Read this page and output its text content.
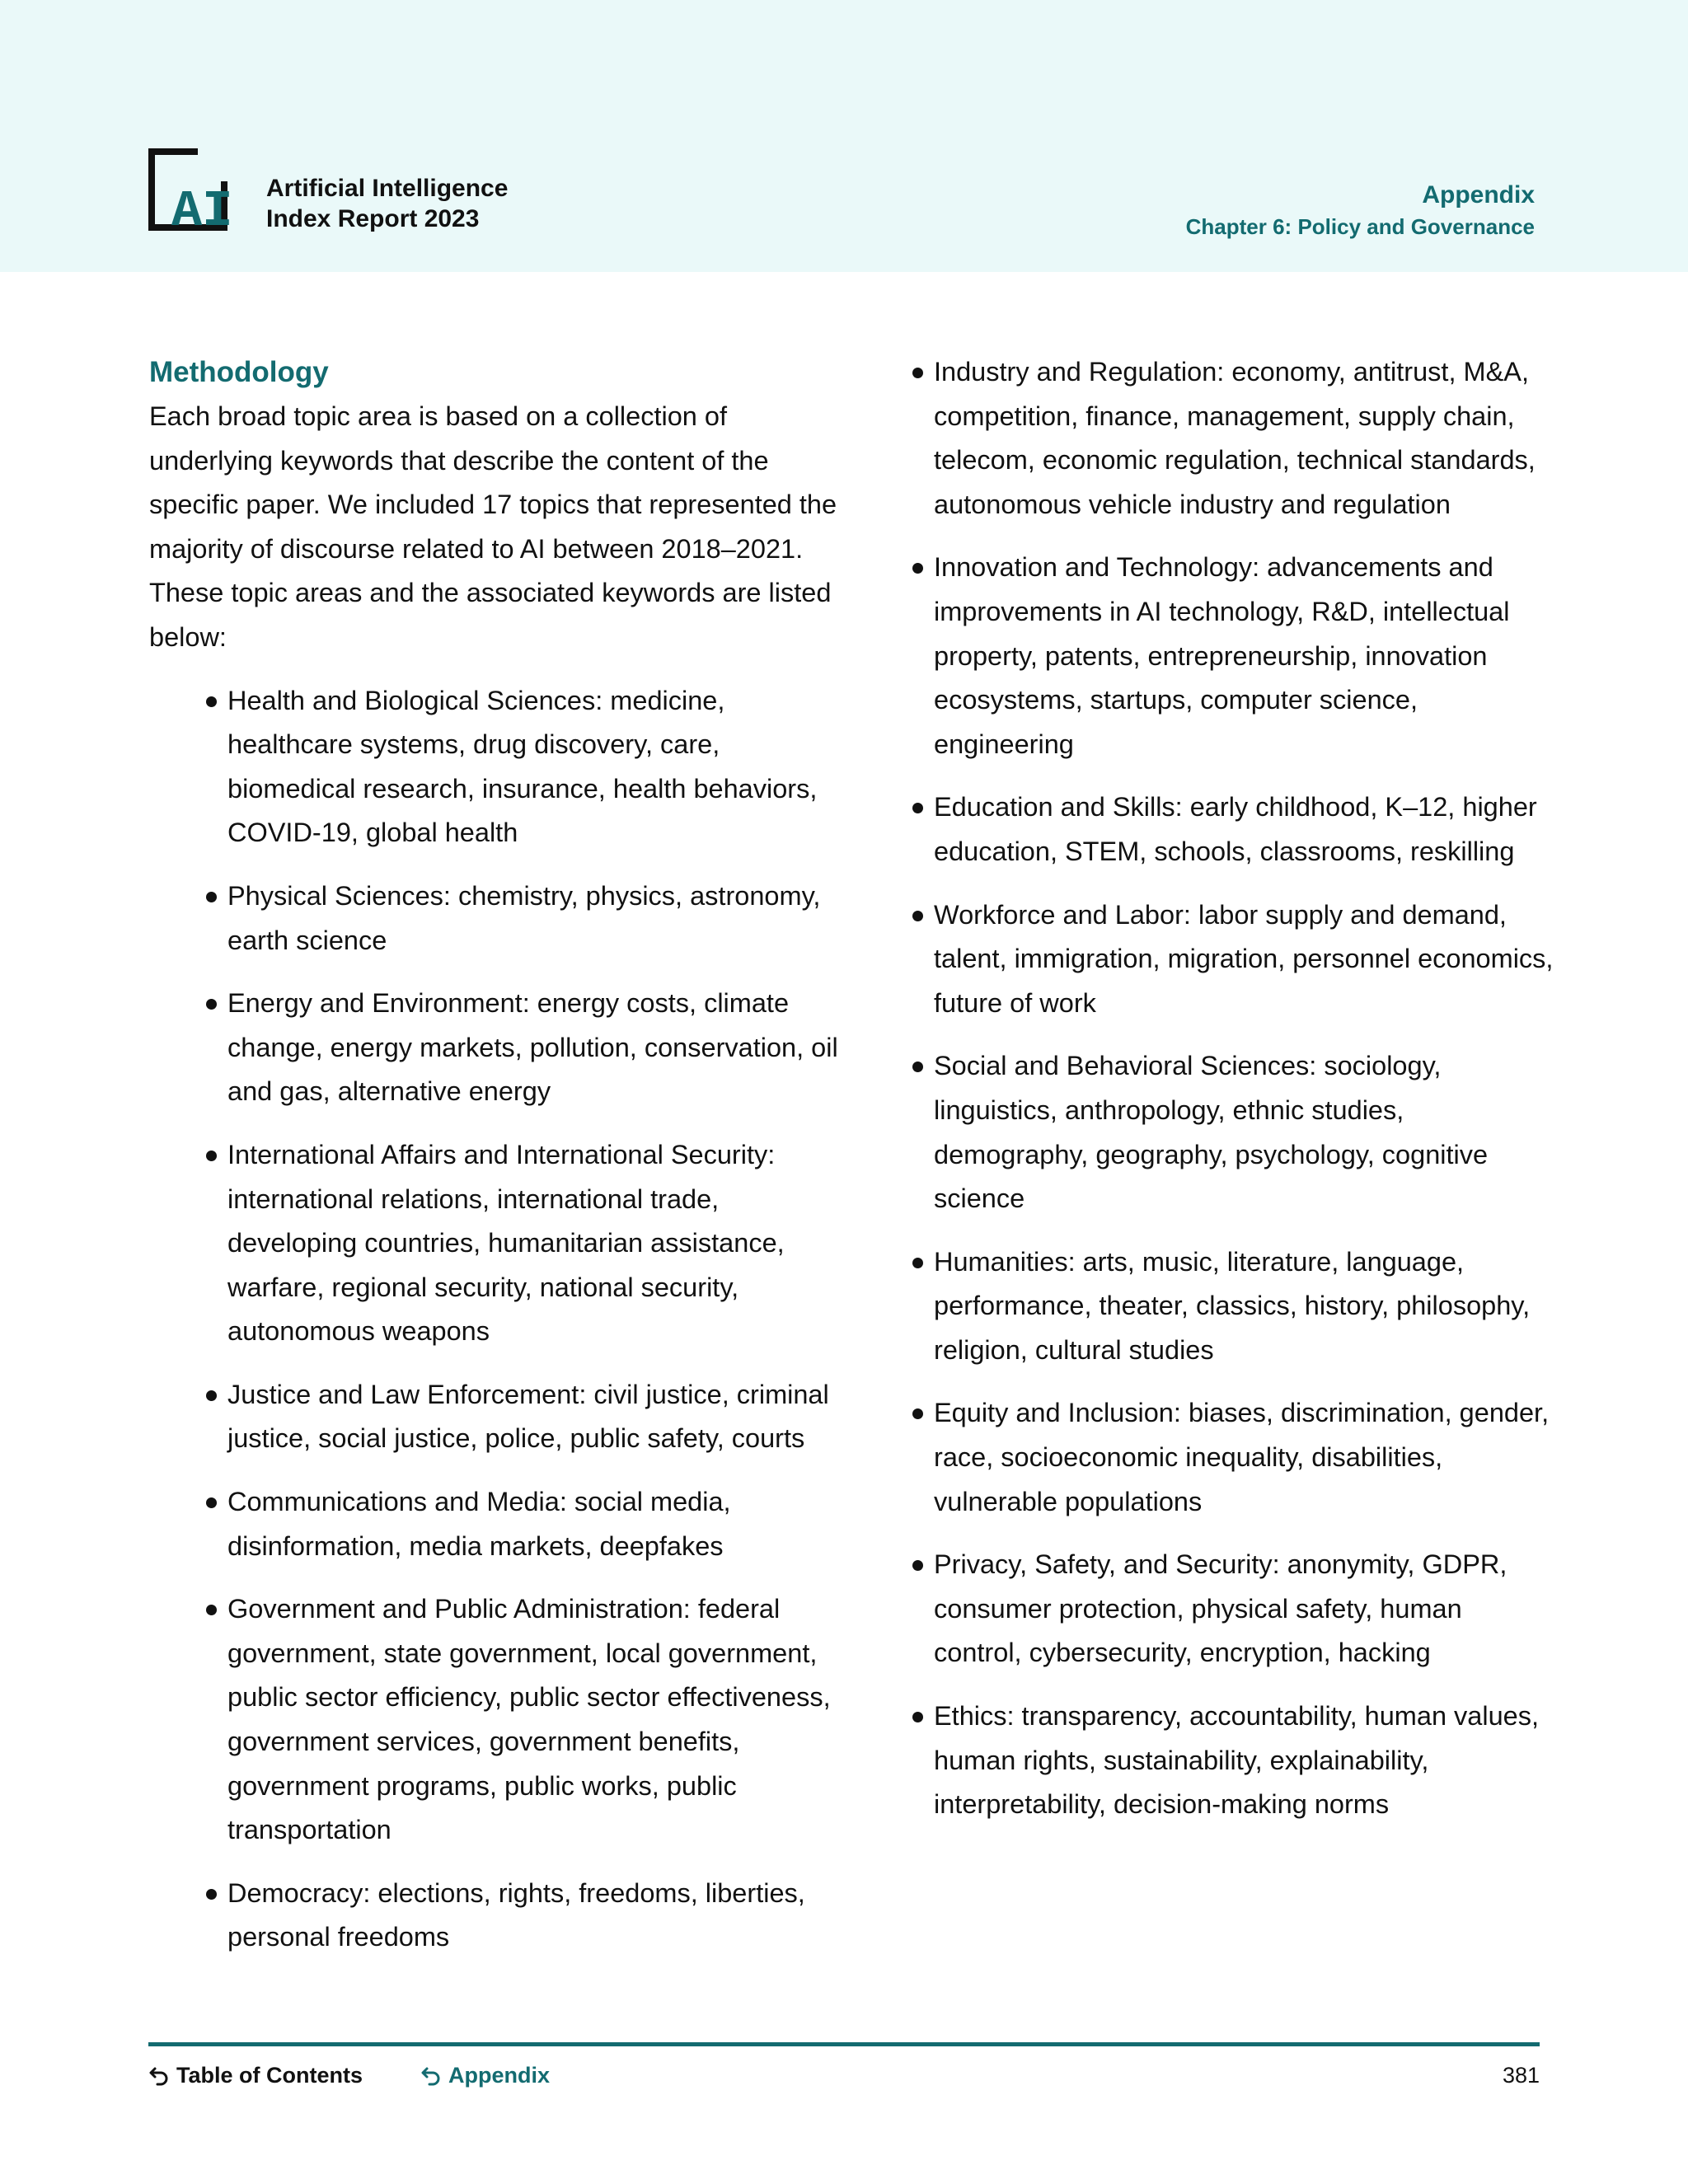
AI Artificial Intelligence
Index Report 2023
Appendix
Chapter 6: Policy and Governance
Methodology

Each broad topic area is based on a collection of underlying keywords that describe the content of the specific paper. We included 17 topics that represented the majority of discourse related to AI between 2018–2021. These topic areas and the associated keywords are listed below:

Health and Biological Sciences: medicine, healthcare systems, drug discovery, care, biomedical research, insurance, health behaviors, COVID-19, global health
Physical Sciences: chemistry, physics, astronomy, earth science
Energy and Environment: energy costs, climate change, energy markets, pollution, conservation, oil and gas, alternative energy
International Affairs and International Security: international relations, international trade, developing countries, humanitarian assistance, warfare, regional security, national security, autonomous weapons
Justice and Law Enforcement: civil justice, criminal justice, social justice, police, public safety, courts
Communications and Media: social media, disinformation, media markets, deepfakes
Government and Public Administration: federal government, state government, local government, public sector efficiency, public sector effectiveness, government services, government benefits, government programs, public works, public transportation
Democracy: elections, rights, freedoms, liberties, personal freedoms
Industry and Regulation: economy, antitrust, M&A, competition, finance, management, supply chain, telecom, economic regulation, technical standards, autonomous vehicle industry and regulation
Innovation and Technology: advancements and improvements in AI technology, R&D, intellectual property, patents, entrepreneurship, innovation ecosystems, startups, computer science, engineering
Education and Skills: early childhood, K–12, higher education, STEM, schools, classrooms, reskilling
Workforce and Labor: labor supply and demand, talent, immigration, migration, personnel economics, future of work
Social and Behavioral Sciences: sociology, linguistics, anthropology, ethnic studies, demography, geography, psychology, cognitive science
Humanities: arts, music, literature, language, performance, theater, classics, history, philosophy, religion, cultural studies
Equity and Inclusion: biases, discrimination, gender, race, socioeconomic inequality, disabilities, vulnerable populations
Privacy, Safety, and Security: anonymity, GDPR, consumer protection, physical safety, human control, cybersecurity, encryption, hacking
Ethics: transparency, accountability, human values, human rights, sustainability, explainability, interpretability, decision-making norms
Table of Contents	Appendix	381
